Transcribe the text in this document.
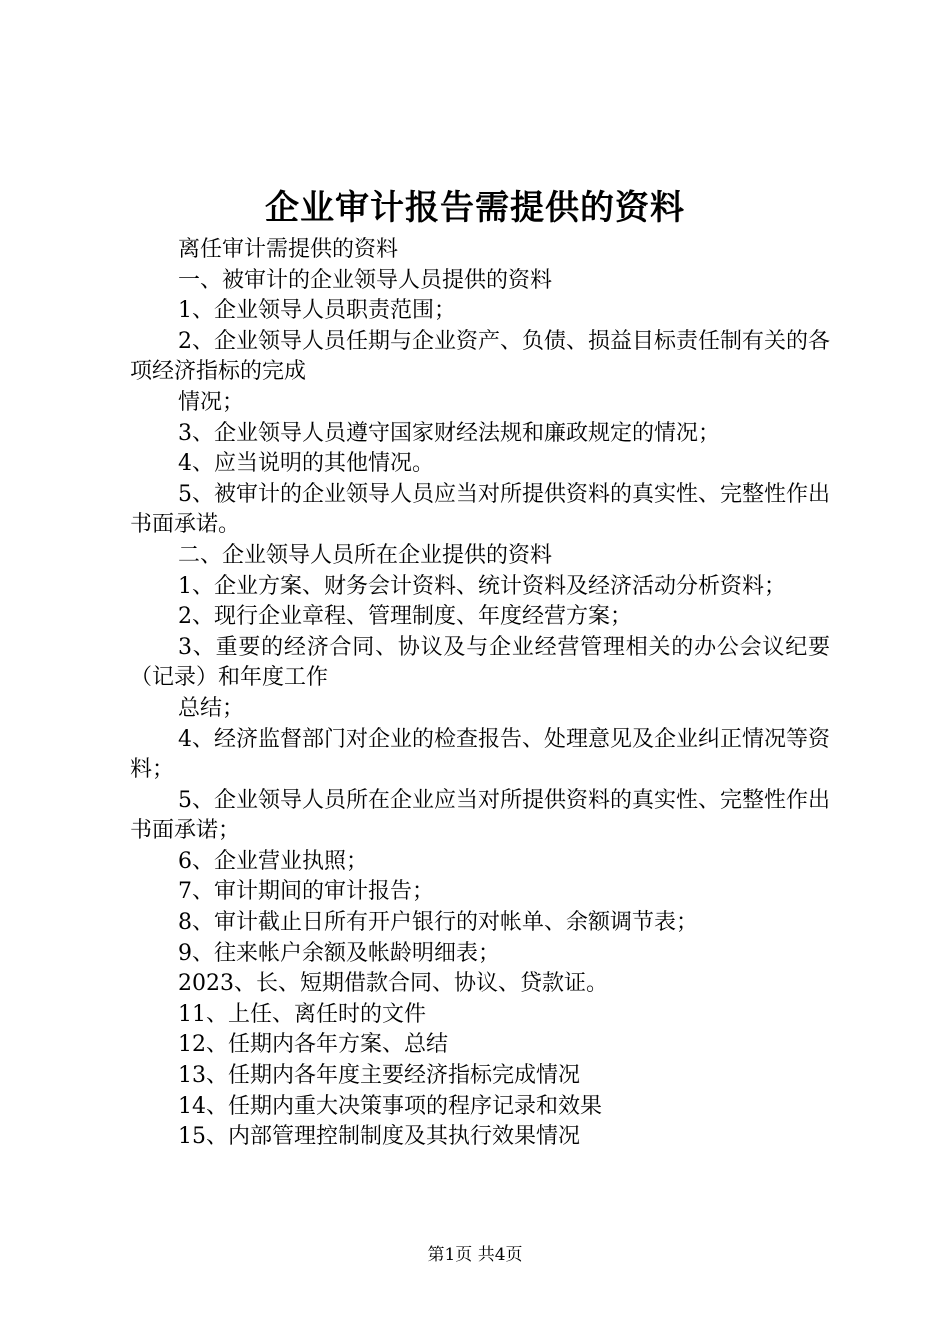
企业审计报告需提供的资料

离任审计需提供的资料

一、被审计的企业领导人员提供的资料

1、企业领导人员职责范围；

2、企业领导人员任期与企业资产、负债、损益目标责任制有关的各项经济指标的完成

情况；

3、企业领导人员遵守国家财经法规和廉政规定的情况；

4、应当说明的其他情况。

5、被审计的企业领导人员应当对所提供资料的真实性、完整性作出书面承诺。

二、企业领导人员所在企业提供的资料

1、企业方案、财务会计资料、统计资料及经济活动分析资料；

2、现行企业章程、管理制度、年度经营方案；

3、重要的经济合同、协议及与企业经营管理相关的办公会议纪要（记录）和年度工作

总结；

4、经济监督部门对企业的检查报告、处理意见及企业纠正情况等资料；

5、企业领导人员所在企业应当对所提供资料的真实性、完整性作出书面承诺；

6、企业营业执照；

7、审计期间的审计报告；

8、审计截止日所有开户银行的对帐单、余额调节表；

9、往来帐户余额及帐龄明细表；

2023、长、短期借款合同、协议、贷款证。

11、上任、离任时的文件

12、任期内各年方案、总结

13、任期内各年度主要经济指标完成情况

14、任期内重大决策事项的程序记录和效果

15、内部管理控制制度及其执行效果情况

第1页 共4页
